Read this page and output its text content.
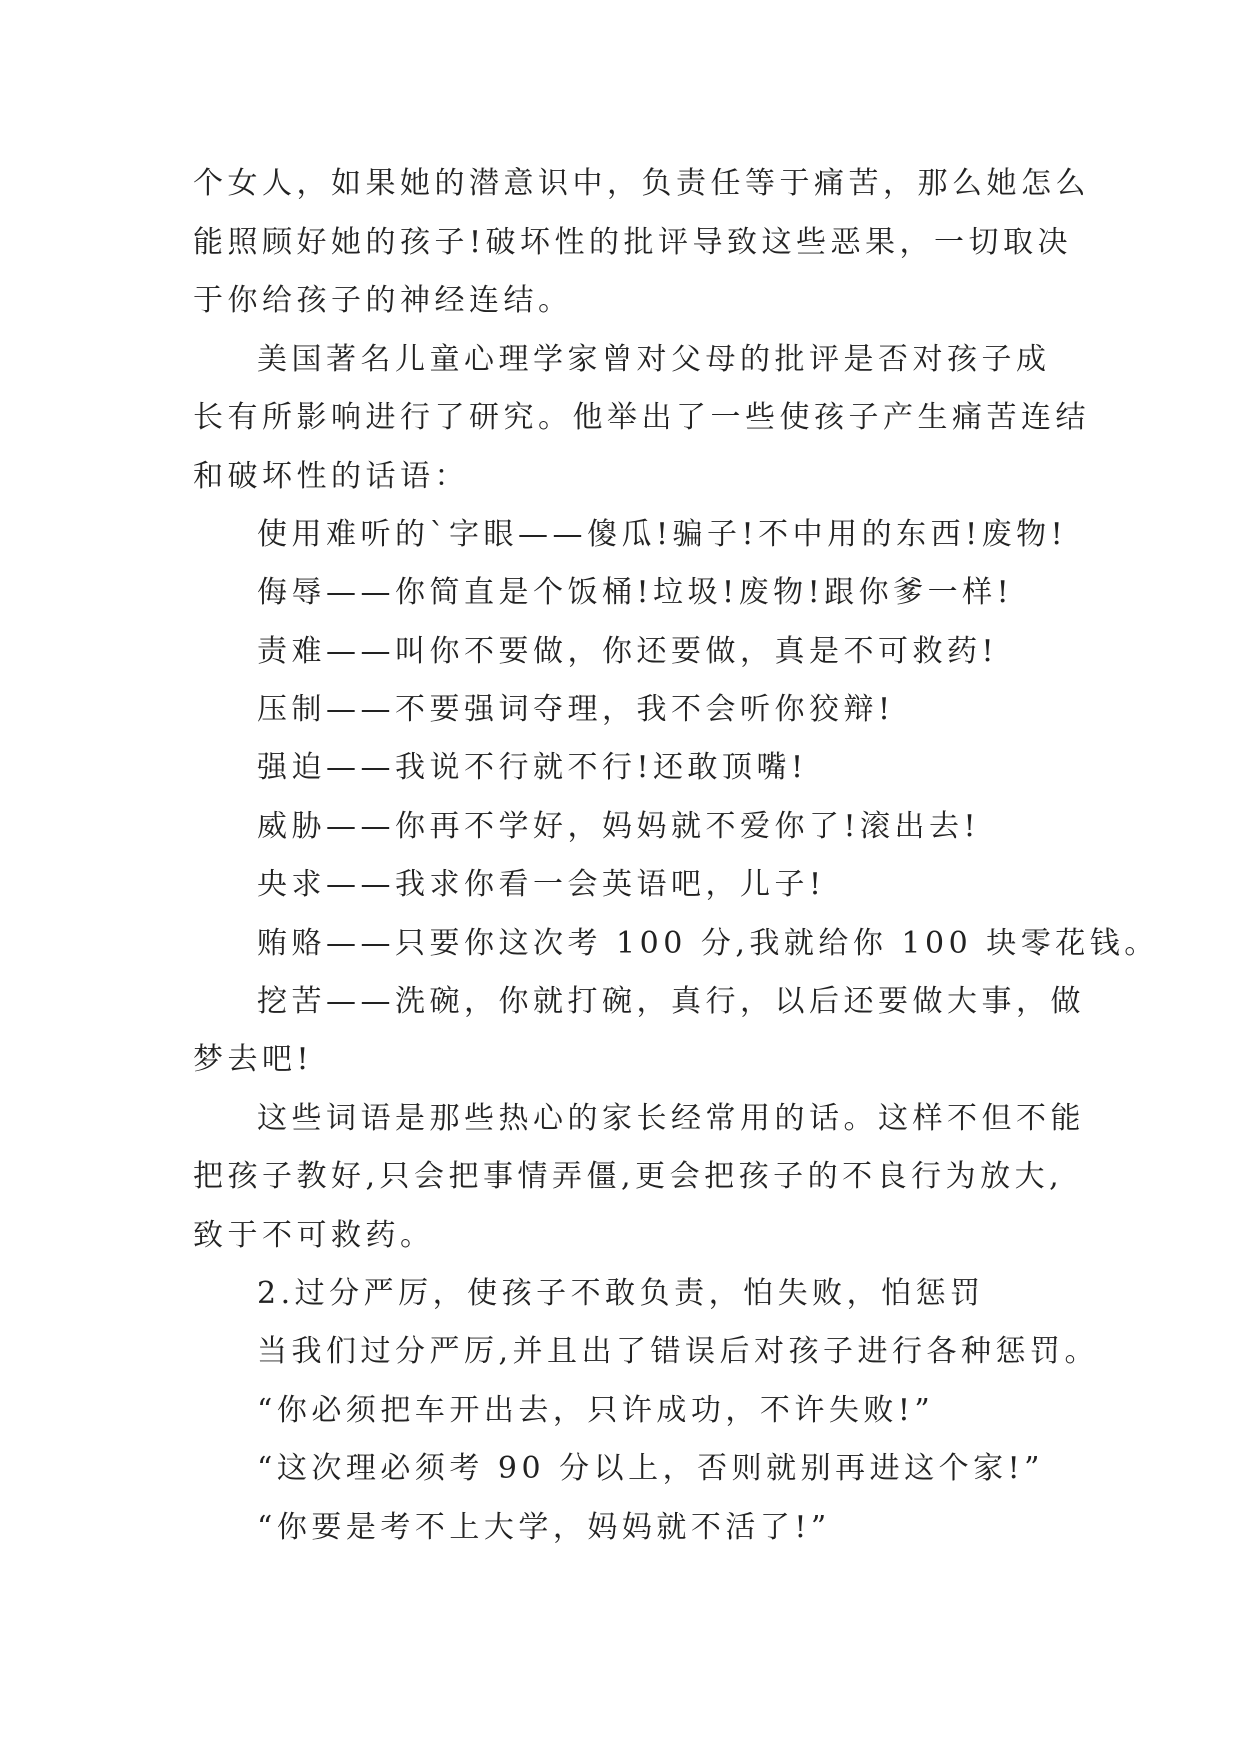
个女人，如果她的潜意识中，负责任等于痛苦，那么她怎么
能照顾好她的孩子!破坏性的批评导致这些恶果，一切取决
于你给孩子的神经连结。
美国著名儿童心理学家曾对父母的批评是否对孩子成
长有所影响进行了研究。他举出了一些使孩子产生痛苦连结
和破坏性的话语：
使用难听的`字眼——傻瓜!骗子!不中用的东西!废物!
侮辱——你简直是个饭桶!垃圾!废物!跟你爹一样!
责难——叫你不要做，你还要做，真是不可救药!
压制——不要强词夺理，我不会听你狡辩!
强迫——我说不行就不行!还敢顶嘴!
威胁——你再不学好，妈妈就不爱你了!滚出去!
央求——我求你看一会英语吧，儿子!
贿赂——只要你这次考 100 分,我就给你 100 块零花钱。
挖苦——洗碗，你就打碗，真行，以后还要做大事，做
梦去吧!
这些词语是那些热心的家长经常用的话。这样不但不能
把孩子教好,只会把事情弄僵,更会把孩子的不良行为放大,
致于不可救药。
2.过分严厉，使孩子不敢负责，怕失败，怕惩罚
当我们过分严厉,并且出了错误后对孩子进行各种惩罚。
“你必须把车开出去，只许成功，不许失败!”
“这次理必须考 90 分以上，否则就别再进这个家!”
“你要是考不上大学，妈妈就不活了!”
